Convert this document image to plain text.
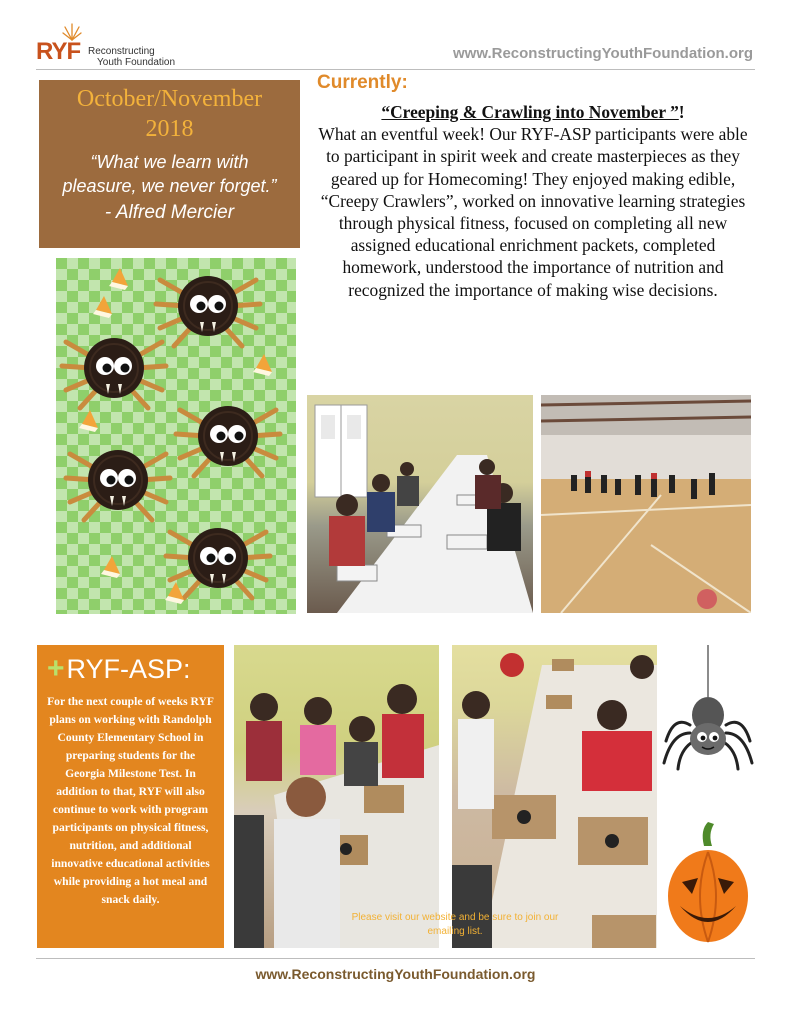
RYF Reconstructing
Youth Foundation
www.ReconstructingYouthFoundation.org
October/November
2018
“What we learn with pleasure, we never forget.”
- Alfred Mercier
Currently:
“Creeping & Crawling into November ”!
What an eventful week! Our RYF-ASP participants were able to participant in spirit week and create masterpieces as they geared up for Homecoming! They enjoyed making edible, “Creepy Crawlers”, worked on innovative learning strategies through physical fitness, focused on completing all new assigned educational enrichment packets, completed homework, understood the importance of nutrition and recognized the importance of making wise decisions.
+RYF-ASP:
For the next couple of weeks RYF plans on working with Randolph County Elementary School in preparing students for the Georgia Milestone Test. In addition to that, RYF will also continue to work with program participants on physical fitness, nutrition, and additional innovative educational activities while providing a hot meal and snack daily.
Please visit our website and be sure to join our emailing list.
www.ReconstructingYouthFoundation.org
